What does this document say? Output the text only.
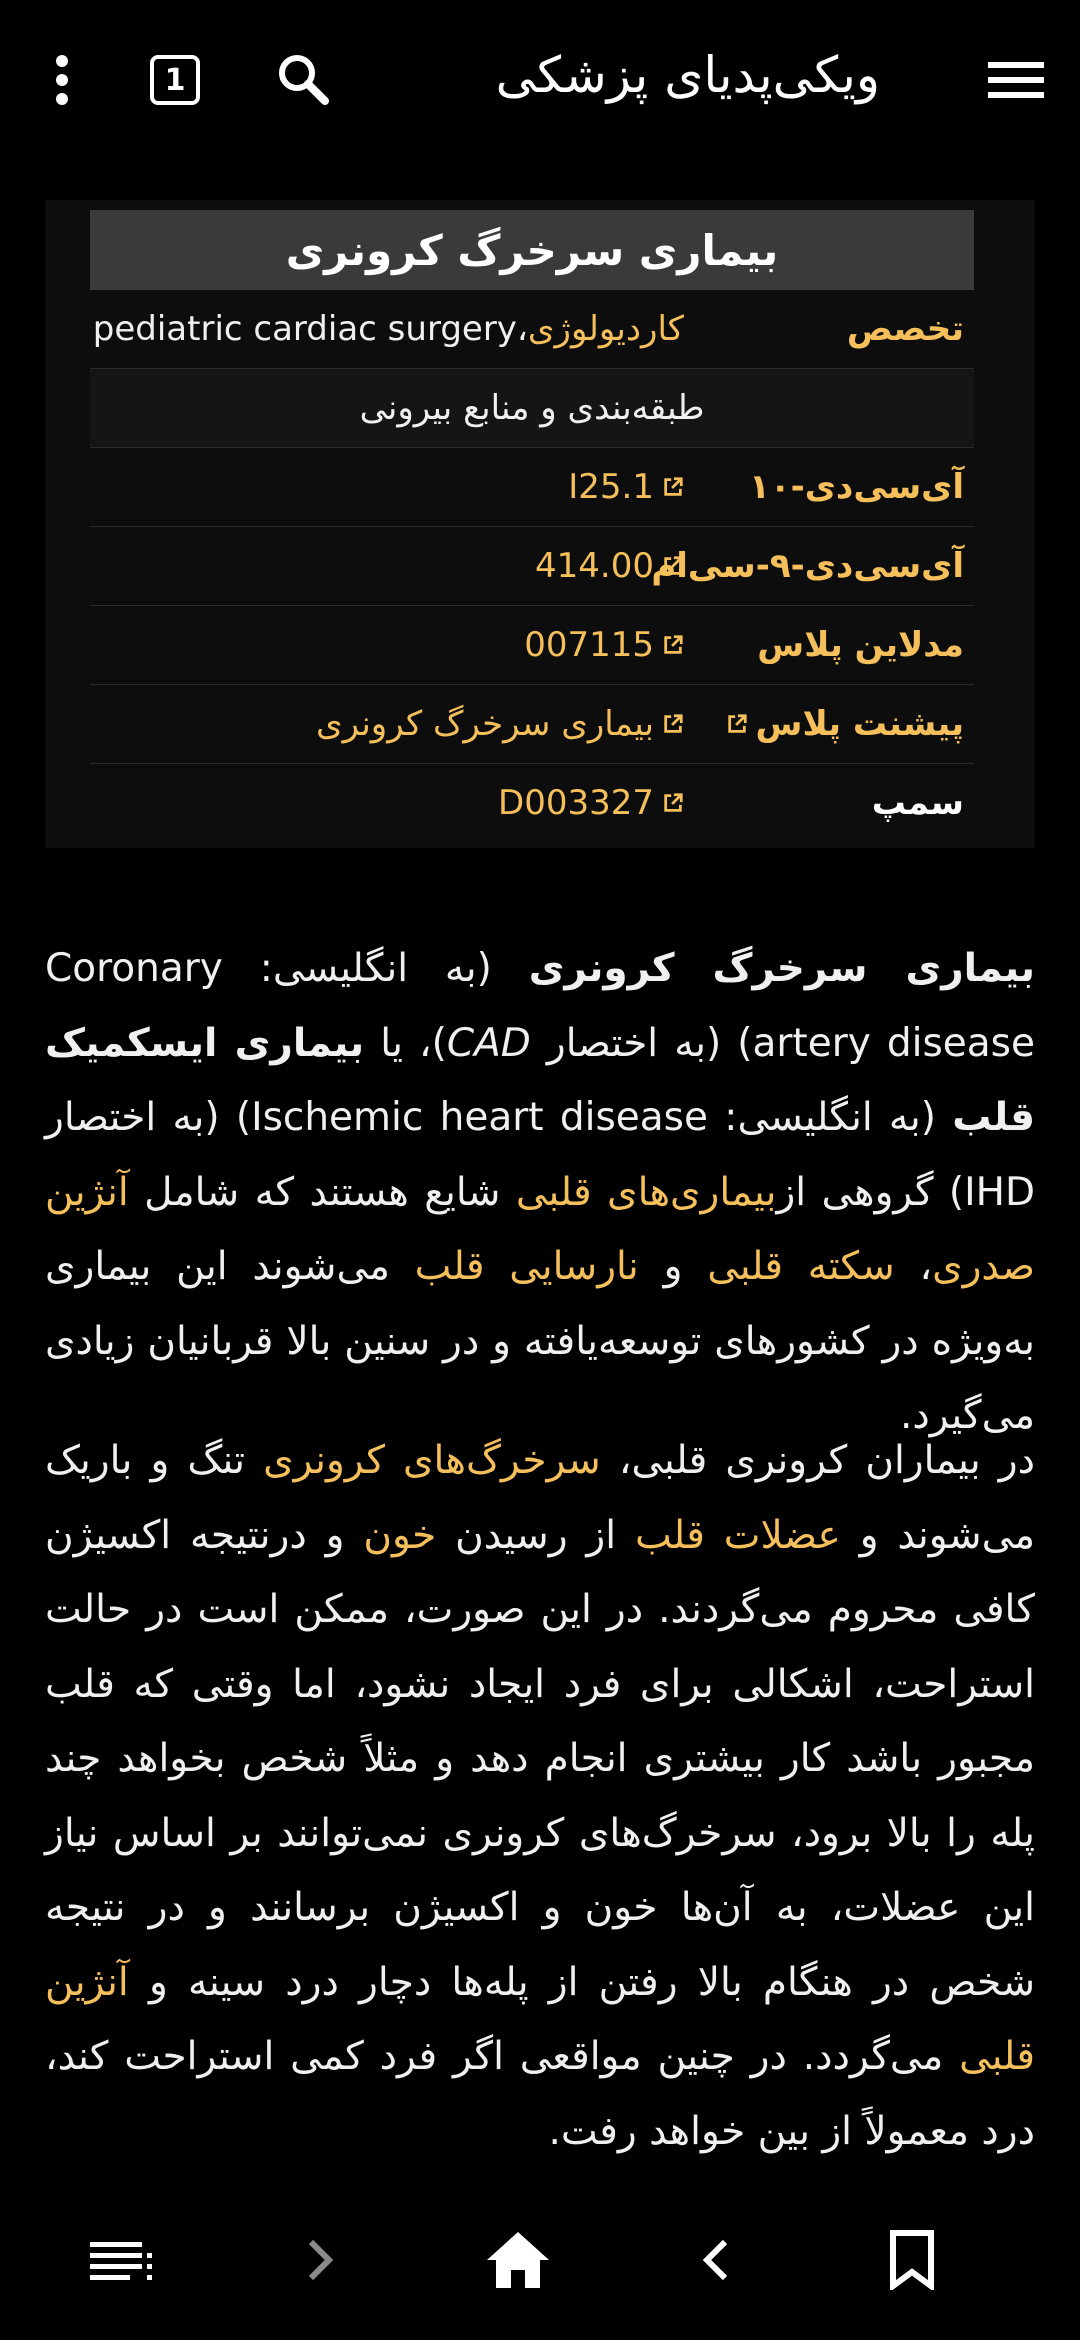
1	ویکی‌پدیای پزشکی
بیماری سرخرگ کرونری
تخصص
کاردیولوژی
،
pediatric cardiac surgery
طبقه‌بندی و منابع بیرونی
آی‌سی‌دی-۱۰
I25.1
آی‌سی‌دی-۹-سی‌ام
414.00
مدلاین پلاس
007115
پیشنت پلاس
بیماری سرخرگ کرونری
سمپ
D003327

بیماری سرخرگ کرونری (به انگلیسی: Coronary artery disease) (به اختصار CAD)، یا بیماری ایسکمیک قلب (به انگلیسی: Ischemic heart disease) (به اختصار IHD) گروهی ازبیماری‌های قلبی شایع هستند که شامل آنژین صدری، سکته قلبی و نارسایی قلب می‌شوند این بیماری به‌ویژه در کشورهای توسعه‌یافته و در سنین بالا قربانیان زیادی می‌گیرد.

در بیماران کرونری قلبی، سرخرگ‌های کرونری تنگ و باریک می‌شوند و عضلات قلب از رسیدن خون و درنتیجه اکسیژن کافی محروم می‌گردند. در این صورت، ممکن است در حالت استراحت، اشکالی برای فرد ایجاد نشود، اما وقتی که قلب مجبور باشد کار بیشتری انجام دهد و مثلاً شخص بخواهد چند پله را بالا برود، سرخرگ‌های کرونری نمی‌توانند بر اساس نیاز این عضلات، به آن‌ها خون و اکسیژن برسانند و در نتیجه شخص در هنگام بالا رفتن از پله‌ها دچار درد سینه و آنژین قلبی می‌گردد. در چنین مواقعی اگر فرد کمی استراحت کند، درد معمولاً از بین خواهد رفت.
